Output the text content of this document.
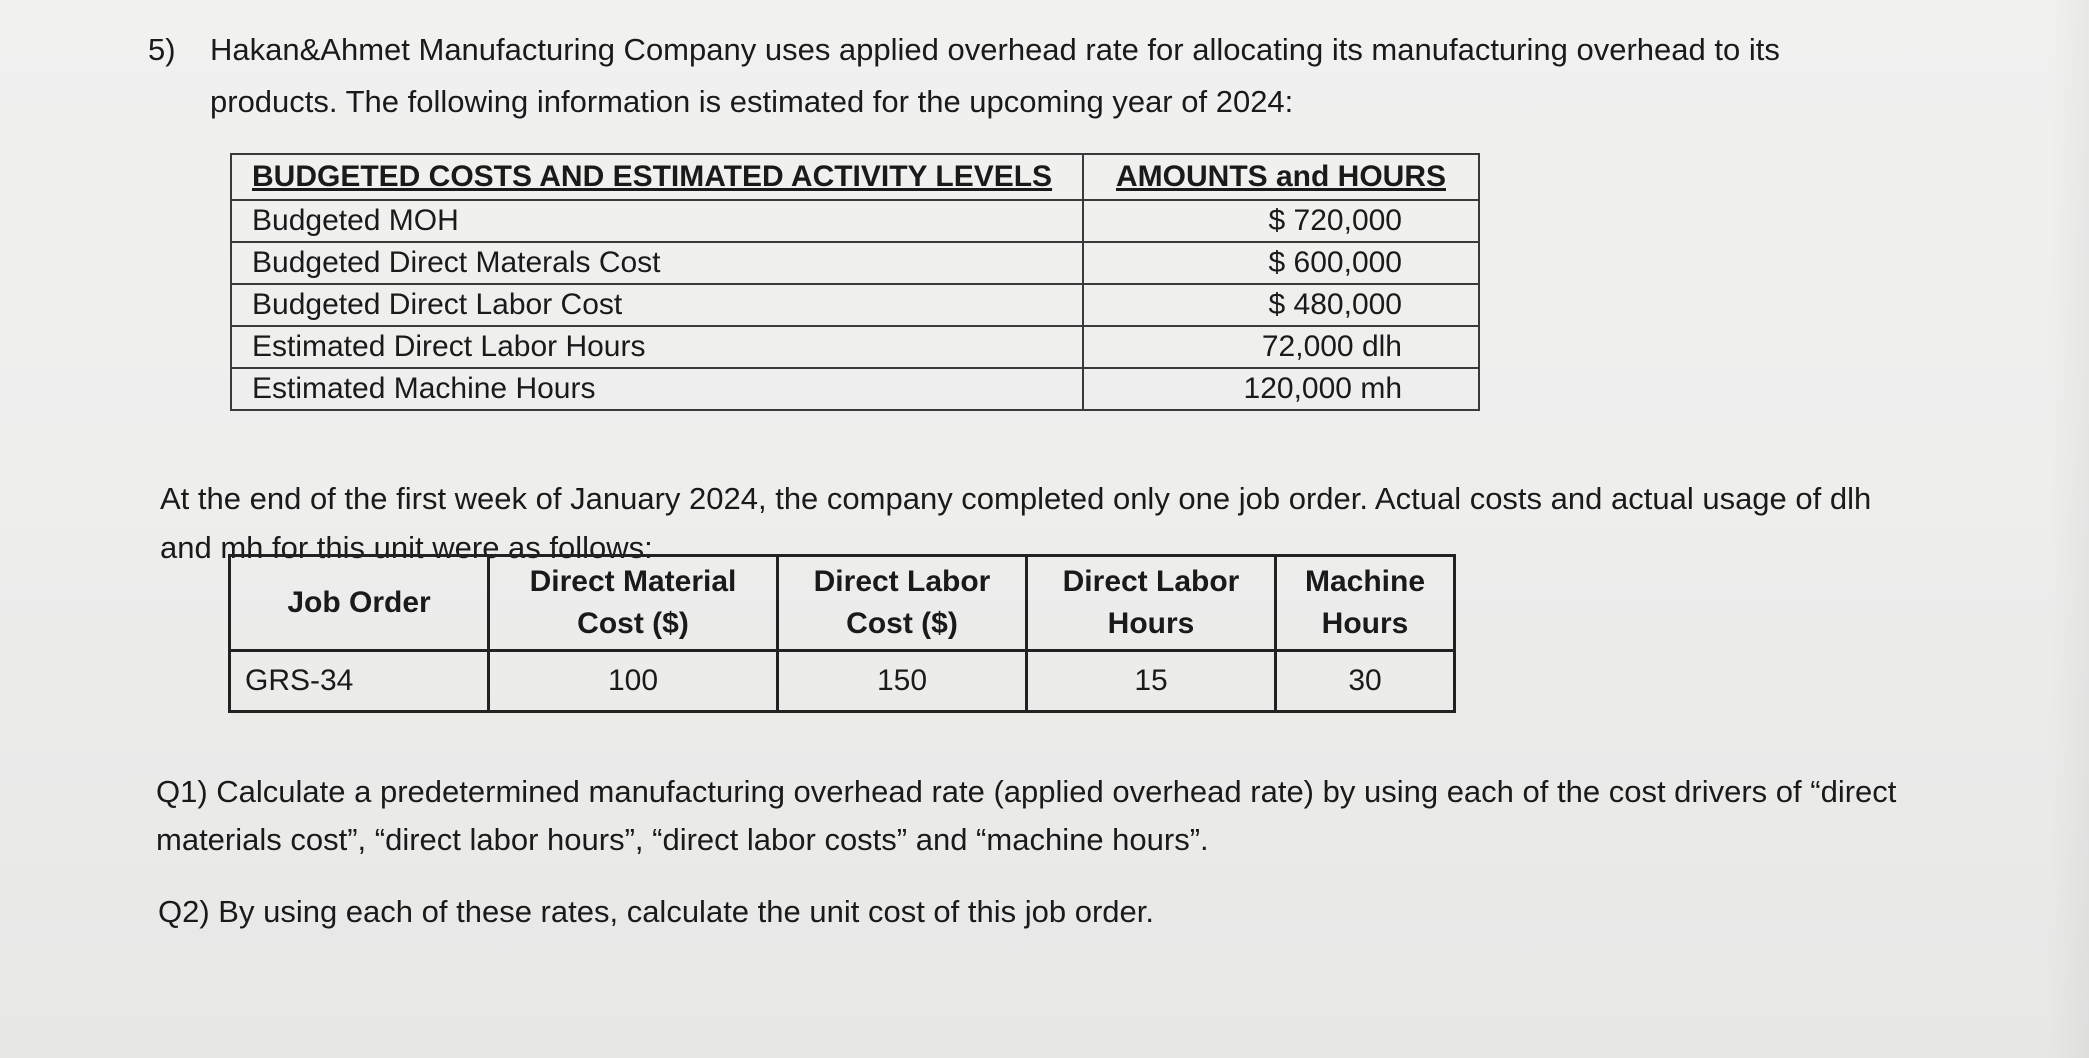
5) Hakan&Ahmet Manufacturing Company uses applied overhead rate for allocating its manufacturing overhead to its products. The following information is estimated for the upcoming year of 2024:
BUDGETED COSTS AND ESTIMATED ACTIVITY LEVELS	AMOUNTS and HOURS
Budgeted MOH	$ 720,000
Budgeted Direct Materals Cost	$ 600,000
Budgeted Direct Labor Cost	$ 480,000
Estimated Direct Labor Hours	72,000 dlh
Estimated Machine Hours	120,000 mh
At the end of the first week of January 2024, the company completed only one job order. Actual costs and actual usage of dlh and mh for this unit were as follows:
Job Order	Direct Material Cost ($)	Direct Labor Cost ($)	Direct Labor Hours	Machine Hours
GRS-34	100	150	15	30
Q1) Calculate a predetermined manufacturing overhead rate (applied overhead rate) by using each of the cost drivers of “direct materials cost”, “direct labor hours”, “direct labor costs” and “machine hours”.
Q2) By using each of these rates, calculate the unit cost of this job order.
